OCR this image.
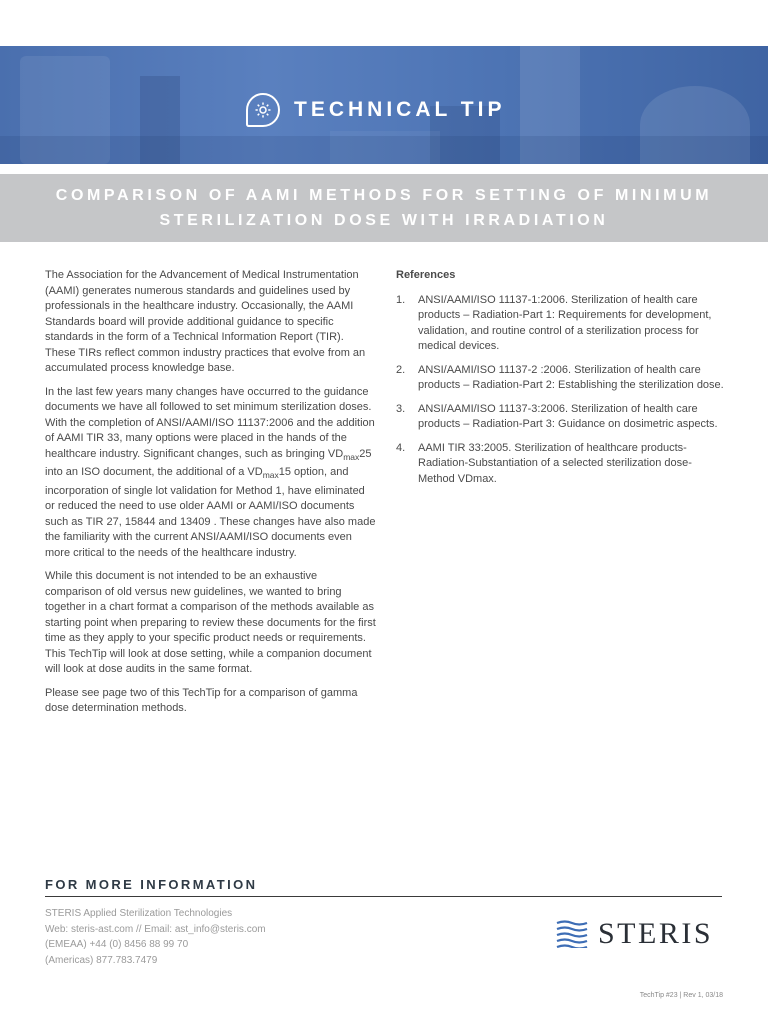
TECHNICAL TIP
COMPARISON OF AAMI METHODS FOR SETTING OF MINIMUM
STERILIZATION DOSE WITH IRRADIATION

The Association for the Advancement of Medical Instrumentation (AAMI) generates numerous standards and guidelines used by professionals in the healthcare industry. Occasionally, the AAMI Standards board will provide additional guidance to specific standards in the form of a Technical Information Report (TIR). These TIRs reflect common industry practices that evolve from an accumulated process knowledge base.

In the last few years many changes have occurred to the guidance documents we have all followed to set minimum sterilization doses. With the completion of ANSI/AAMI/ISO 11137:2006 and the addition of AAMI TIR 33, many options were placed in the hands of the healthcare industry. Significant changes, such as bringing $VD_{max}25$ into an ISO document, the additional of a $VD_{max}15$ option, and incorporation of single lot validation for Method 1, have eliminated or reduced the need to use older AAMI or AAMI/ISO documents such as TIR 27, 15844 and 13409 . These changes have also made the familiarity with the current ANSI/AAMI/ISO documents even more critical to the needs of the healthcare industry.

While this document is not intended to be an exhaustive comparison of old versus new guidelines, we wanted to bring together in a chart format a comparison of the methods available as starting point when preparing to review these documents for the first time as they apply to your specific product needs or requirements. This TechTip will look at dose setting, while a companion document will look at dose audits in the same format.

Please see page two of this TechTip for a comparison of gamma dose determination methods.

References
1.	ANSI/AAMI/ISO 11137-1:2006. Sterilization of health care products – Radiation-Part 1: Requirements for development, validation, and routine control of a sterilization process for medical devices.
2.	ANSI/AAMI/ISO 11137-2 :2006. Sterilization of health care products – Radiation-Part 2: Establishing the sterilization dose.
3.	ANSI/AAMI/ISO 11137-3:2006. Sterilization of health care products – Radiation-Part 3: Guidance on dosimetric aspects.
4.	AAMI TIR 33:2005. Sterilization of healthcare products-Radiation-Substantiation of a selected sterilization dose-Method VDmax.
FOR MORE INFORMATION
STERIS Applied Sterilization Technologies
Web: steris-ast.com // Email: ast_info@steris.com
(EMEAA) +44 (0) 8456 88 99 70
(Americas) 877.783.7479
STERIS
TechTip #23 | Rev 1, 03/18
